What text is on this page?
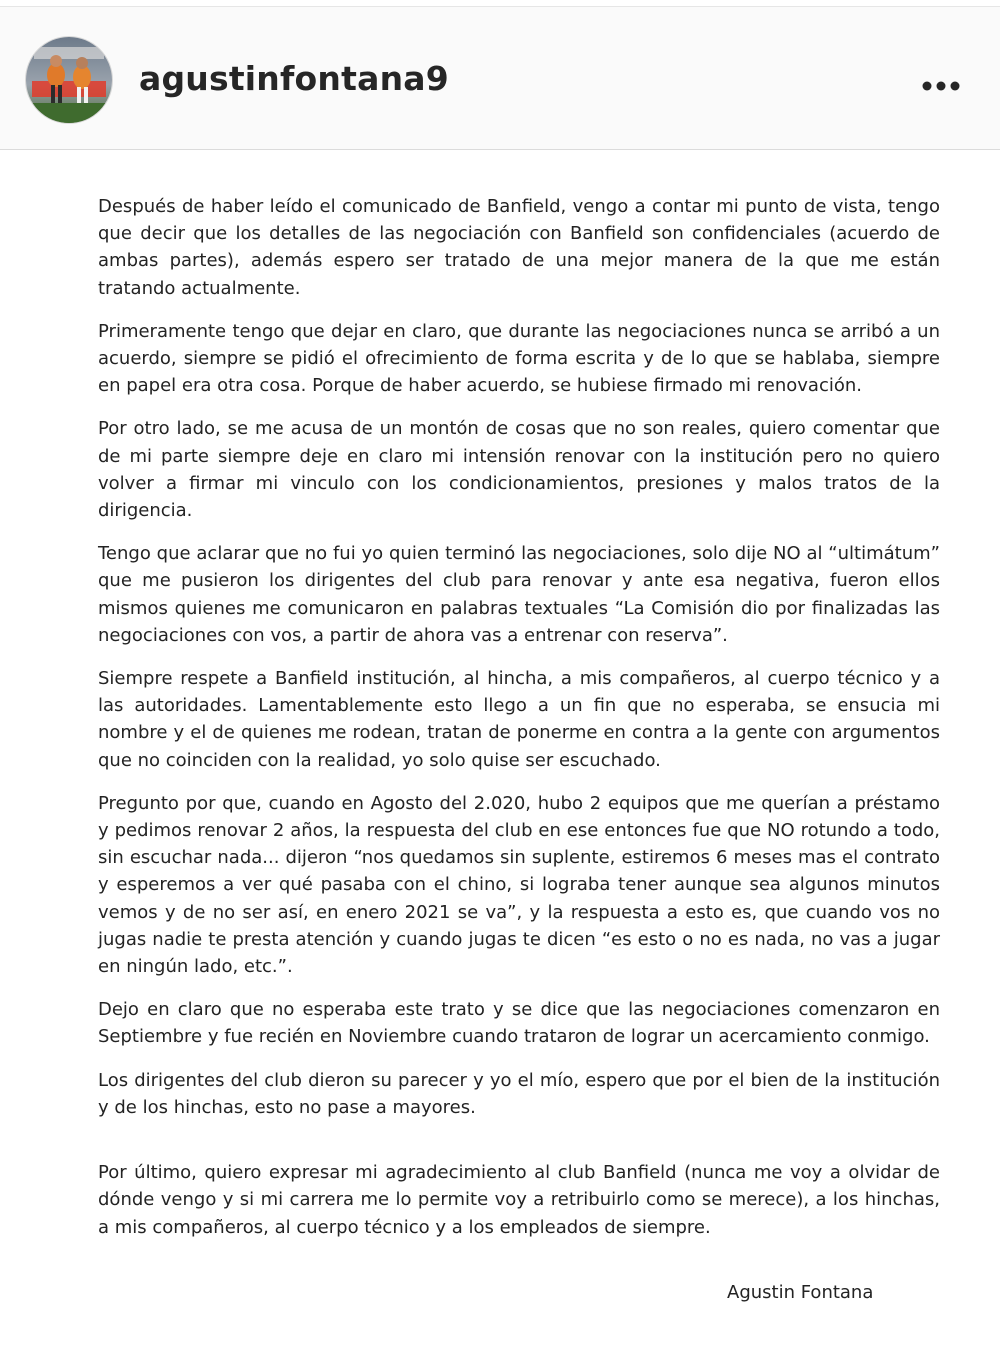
agustinfontana9

Después de haber leído el comunicado de Banfield, vengo a contar mi punto de vista, tengo que decir que los detalles de las negociación con Banfield son confidenciales (acuerdo de ambas partes), además espero ser tratado de una mejor manera de la que me están tratando actualmente.

Primeramente tengo que dejar en claro, que durante las negociaciones nunca se arribó a un acuerdo, siempre se pidió el ofrecimiento de forma escrita y de lo que se hablaba, siempre en papel era otra cosa. Porque de haber acuerdo, se hubiese firmado mi renovación.

Por otro lado, se me acusa de un montón de cosas que no son reales, quiero comentar que de mi parte siempre deje en claro mi intensión renovar con la institución pero no quiero volver a firmar mi vinculo con los condicionamientos, presiones y malos tratos de la dirigencia.

Tengo que aclarar que no fui yo quien terminó las negociaciones, solo dije NO al “ultimátum” que me pusieron los dirigentes del club para renovar y ante esa negativa, fueron ellos mismos quienes me comunicaron en palabras textuales “La Comisión dio por finalizadas las negociaciones con vos, a partir de ahora vas a entrenar con reserva”.

Siempre respete a Banfield institución, al hincha, a mis compañeros, al cuerpo técnico y a las autoridades. Lamentablemente esto llego a un fin que no esperaba, se ensucia mi nombre y el de quienes me rodean, tratan de ponerme en contra a la gente con argumentos que no coinciden con la realidad, yo solo quise ser escuchado.

Pregunto por que, cuando en Agosto del 2.020, hubo 2 equipos que me querían a préstamo y pedimos renovar 2 años, la respuesta del club en ese entonces fue que NO rotundo a todo, sin escuchar nada... dijeron “nos quedamos sin suplente, estiremos 6 meses mas el contrato y esperemos a ver qué pasaba con el chino, si lograba tener aunque sea algunos minutos vemos y de no ser así, en enero 2021 se va”, y la respuesta a esto es, que cuando vos no jugas nadie te presta atención y cuando jugas te dicen “es esto o no es nada, no vas a jugar en ningún lado, etc.”.

Dejo en claro que no esperaba este trato y se dice que las negociaciones comenzaron en Septiembre y fue recién en Noviembre cuando trataron de lograr un acercamiento conmigo.

Los dirigentes del club dieron su parecer y yo el mío, espero que por el bien de la institución y de los hinchas, esto no pase a mayores.

Por último, quiero expresar mi agradecimiento al club Banfield (nunca me voy a olvidar de dónde vengo y si mi carrera me lo permite voy a retribuirlo como se merece), a los hinchas, a mis compañeros, al cuerpo técnico y a los empleados de siempre.

Agustin Fontana
